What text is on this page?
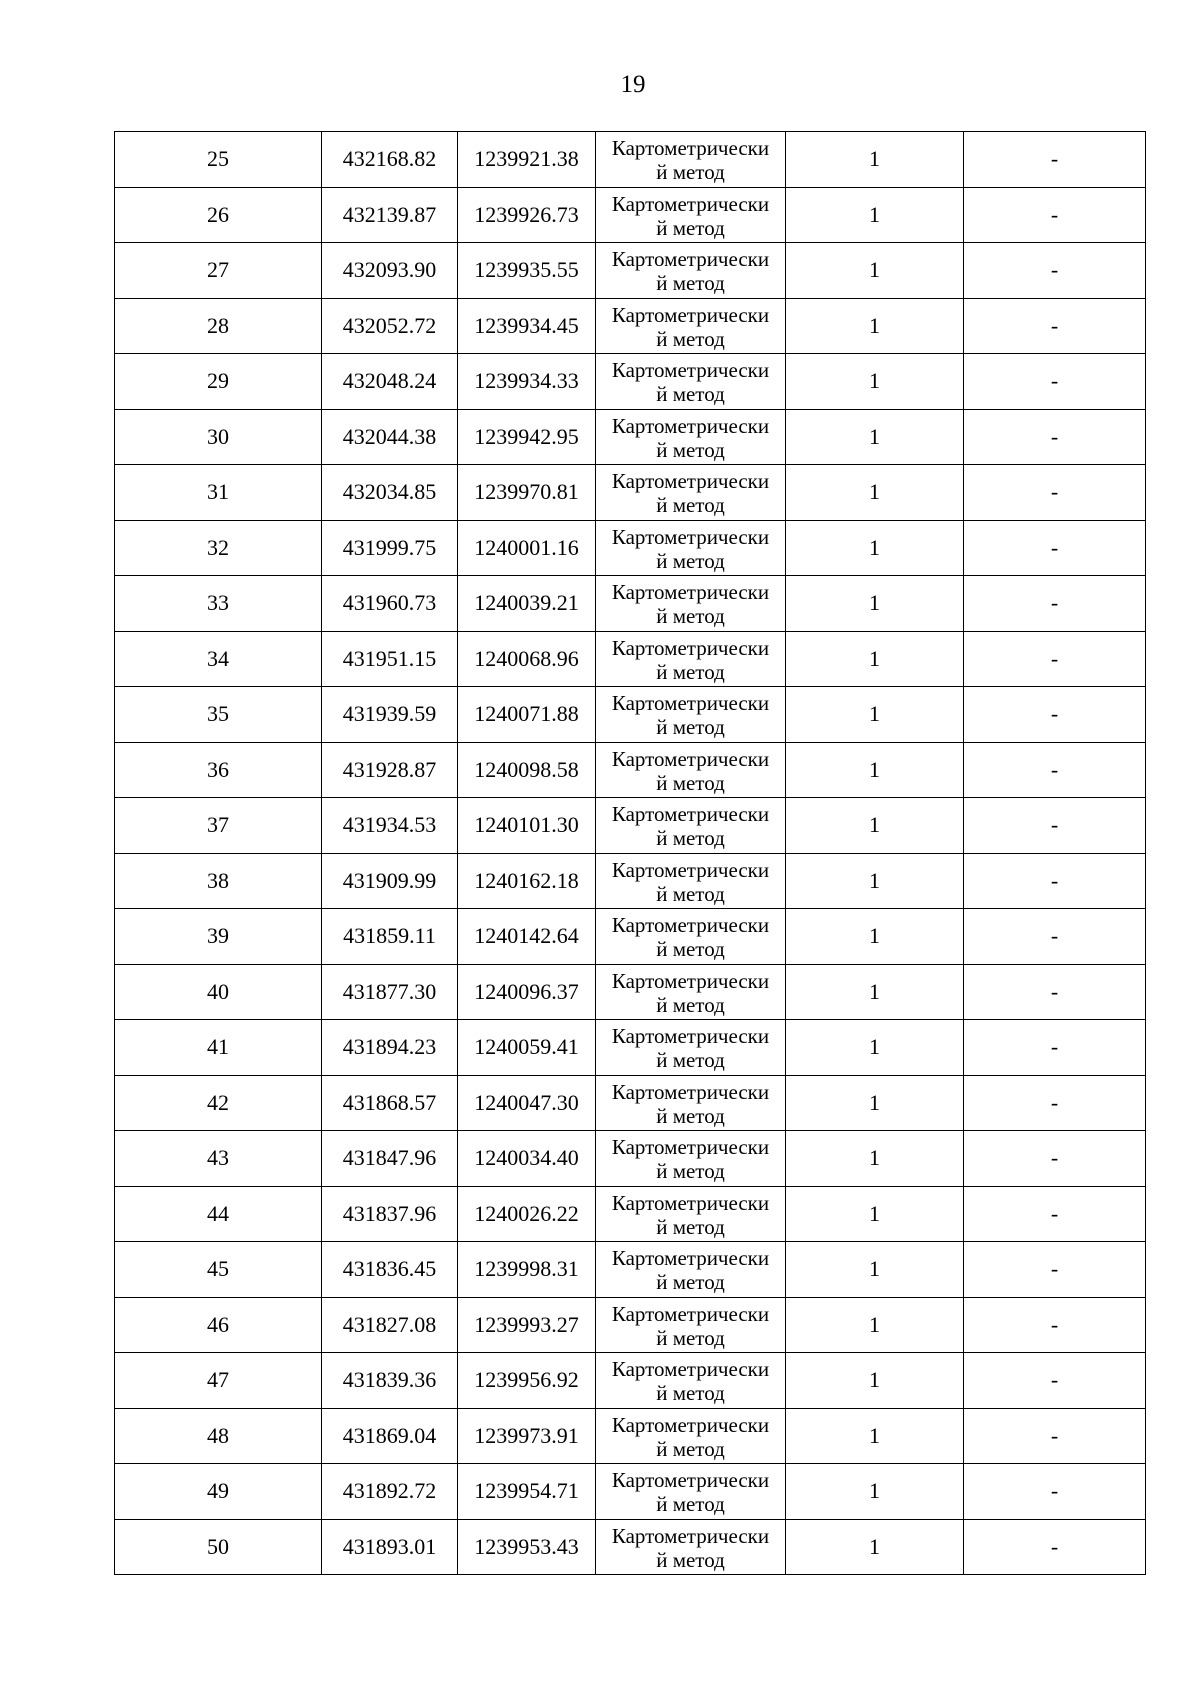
19
25	432168.82	1239921.38	Картометрически
й метод	1	-
26	432139.87	1239926.73	Картометрически
й метод	1	-
27	432093.90	1239935.55	Картометрически
й метод	1	-
28	432052.72	1239934.45	Картометрически
й метод	1	-
29	432048.24	1239934.33	Картометрически
й метод	1	-
30	432044.38	1239942.95	Картометрически
й метод	1	-
31	432034.85	1239970.81	Картометрически
й метод	1	-
32	431999.75	1240001.16	Картометрически
й метод	1	-
33	431960.73	1240039.21	Картометрически
й метод	1	-
34	431951.15	1240068.96	Картометрически
й метод	1	-
35	431939.59	1240071.88	Картометрически
й метод	1	-
36	431928.87	1240098.58	Картометрически
й метод	1	-
37	431934.53	1240101.30	Картометрически
й метод	1	-
38	431909.99	1240162.18	Картометрически
й метод	1	-
39	431859.11	1240142.64	Картометрически
й метод	1	-
40	431877.30	1240096.37	Картометрически
й метод	1	-
41	431894.23	1240059.41	Картометрически
й метод	1	-
42	431868.57	1240047.30	Картометрически
й метод	1	-
43	431847.96	1240034.40	Картометрически
й метод	1	-
44	431837.96	1240026.22	Картометрически
й метод	1	-
45	431836.45	1239998.31	Картометрически
й метод	1	-
46	431827.08	1239993.27	Картометрически
й метод	1	-
47	431839.36	1239956.92	Картометрически
й метод	1	-
48	431869.04	1239973.91	Картометрически
й метод	1	-
49	431892.72	1239954.71	Картометрически
й метод	1	-
50	431893.01	1239953.43	Картометрически
й метод	1	-
